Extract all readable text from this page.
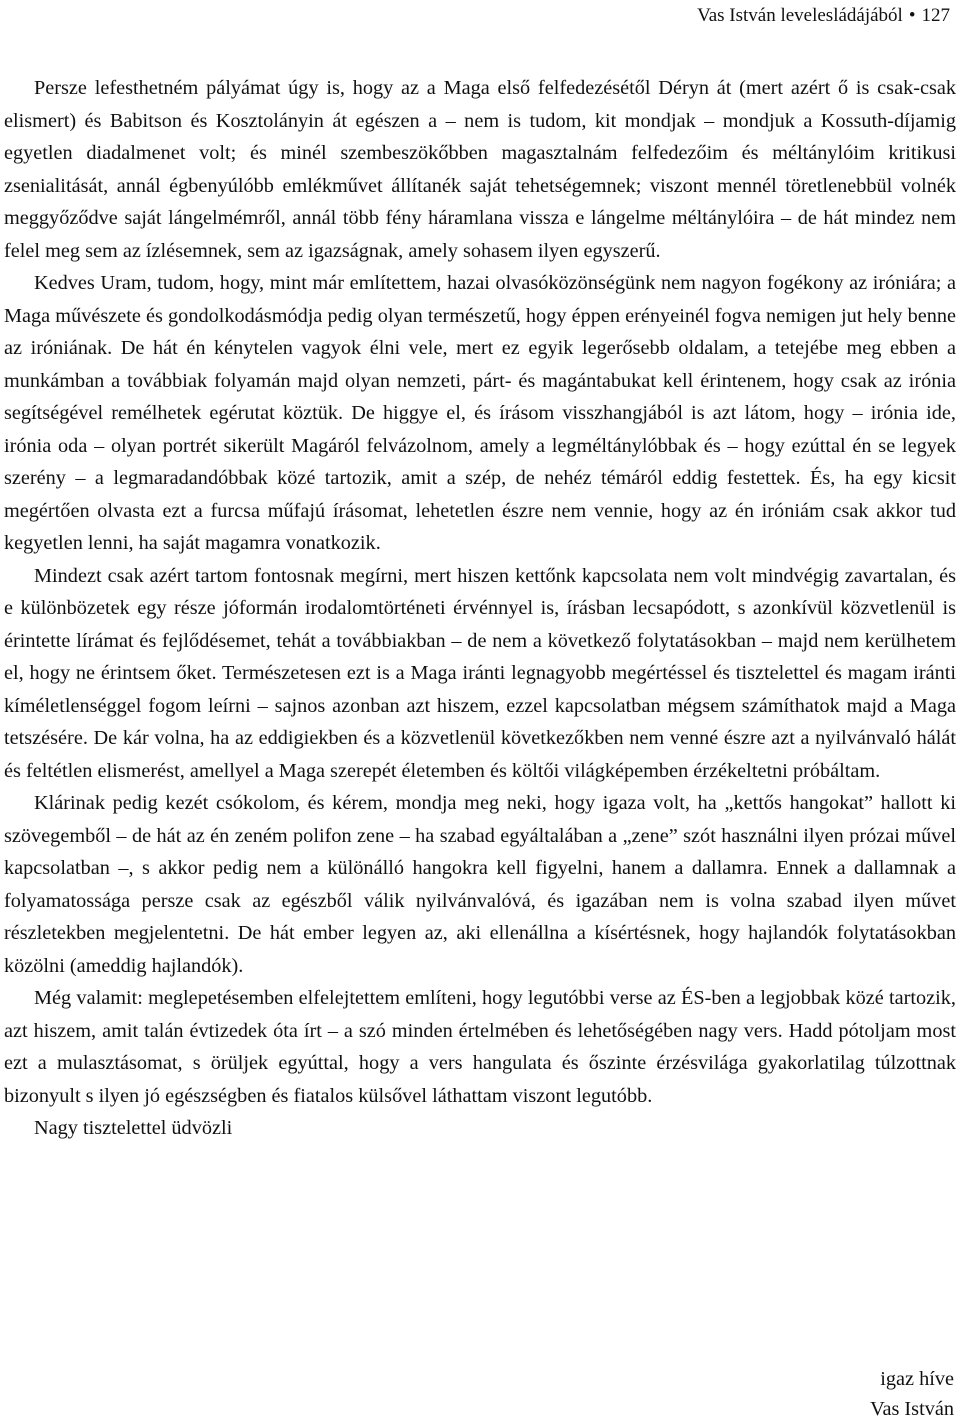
Vas István levelesládájából • 127

Persze lefesthetném pályámat úgy is, hogy az a Maga első felfedezésétől Déryn át (mert azért ő is csak-csak elismert) és Babitson és Kosztolányin át egészen a – nem is tudom, kit mondjak – mondjuk a Kossuth-díjamig egyetlen diadalmenet volt; és minél szembeszökőbben magasztalnám felfedezőim és méltánylóim kritikusi zsenialitását, annál égbenyúlóbb emlékművet állítanék saját tehetségemnek; viszont mennél töretlenebbül volnék meggyőződve saját lángelmémről, annál több fény háramlana vissza e lángelme méltánylóira – de hát mindez nem felel meg sem az ízlésemnek, sem az igazságnak, amely sohasem ilyen egyszerű.

Kedves Uram, tudom, hogy, mint már említettem, hazai olvasóközönségünk nem nagyon fogékony az iróniára; a Maga művészete és gondolkodásmódja pedig olyan természetű, hogy éppen erényeinél fogva nemigen jut hely benne az iróniának. De hát én kénytelen vagyok élni vele, mert ez egyik legerősebb oldalam, a tetejébe meg ebben a munkámban a továbbiak folyamán majd olyan nemzeti, párt- és magántabukat kell érintenem, hogy csak az irónia segítségével remélhetek egérutat köztük. De higgye el, és írásom visszhangjából is azt látom, hogy – irónia ide, irónia oda – olyan portrét sikerült Magáról felvázolnom, amely a legméltánylóbbak és – hogy ezúttal én se legyek szerény – a legmaradandóbbak közé tartozik, amit a szép, de nehéz témáról eddig festettek. És, ha egy kicsit megértően olvasta ezt a furcsa műfajú írásomat, lehetetlen észre nem vennie, hogy az én iróniám csak akkor tud kegyetlen lenni, ha saját magamra vonatkozik.

Mindezt csak azért tartom fontosnak megírni, mert hiszen kettőnk kapcsolata nem volt mindvégig zavartalan, és e különbözetek egy része jóformán irodalomtörténeti érvénnyel is, írásban lecsapódott, s azonkívül közvetlenül is érintette lírámat és fejlődésemet, tehát a továbbiakban – de nem a következő folytatásokban – majd nem kerülhetem el, hogy ne érintsem őket. Természetesen ezt is a Maga iránti legnagyobb megértéssel és tisztelettel és magam iránti kíméletlenséggel fogom leírni – sajnos azonban azt hiszem, ezzel kapcsolatban mégsem számíthatok majd a Maga tetszésére. De kár volna, ha az eddigiekben és a közvetlenül következőkben nem venné észre azt a nyilvánvaló hálát és feltétlen elismerést, amellyel a Maga szerepét életemben és költői világképemben érzékeltetni próbáltam.

Klárinak pedig kezét csókolom, és kérem, mondja meg neki, hogy igaza volt, ha „kettős hangokat” hallott ki szövegemből – de hát az én zeném polifon zene – ha szabad egyáltalában a „zene” szót használni ilyen prózai művel kapcsolatban –, s akkor pedig nem a különálló hangokra kell figyelni, hanem a dallamra. Ennek a dallamnak a folyamatossága persze csak az egészből válik nyilvánvalóvá, és igazában nem is volna szabad ilyen művet részletekben megjelentetni. De hát ember legyen az, aki ellenállna a kísértésnek, hogy hajlandók folytatásokban közölni (ameddig hajlandók).

Még valamit: meglepetésemben elfelejtettem említeni, hogy legutóbbi verse az ÉS-ben a legjobbak közé tartozik, azt hiszem, amit talán évtizedek óta írt – a szó minden értelmében és lehetőségében nagy vers. Hadd pótoljam most ezt a mulasztásomat, s örüljek egyúttal, hogy a vers hangulata és őszinte érzésvilága gyakorlatilag túlzottnak bizonyult s ilyen jó egészségben és fiatalos külsővel láthattam viszont legutóbb.

Nagy tisztelettel üdvözli

igaz híve
Vas István
